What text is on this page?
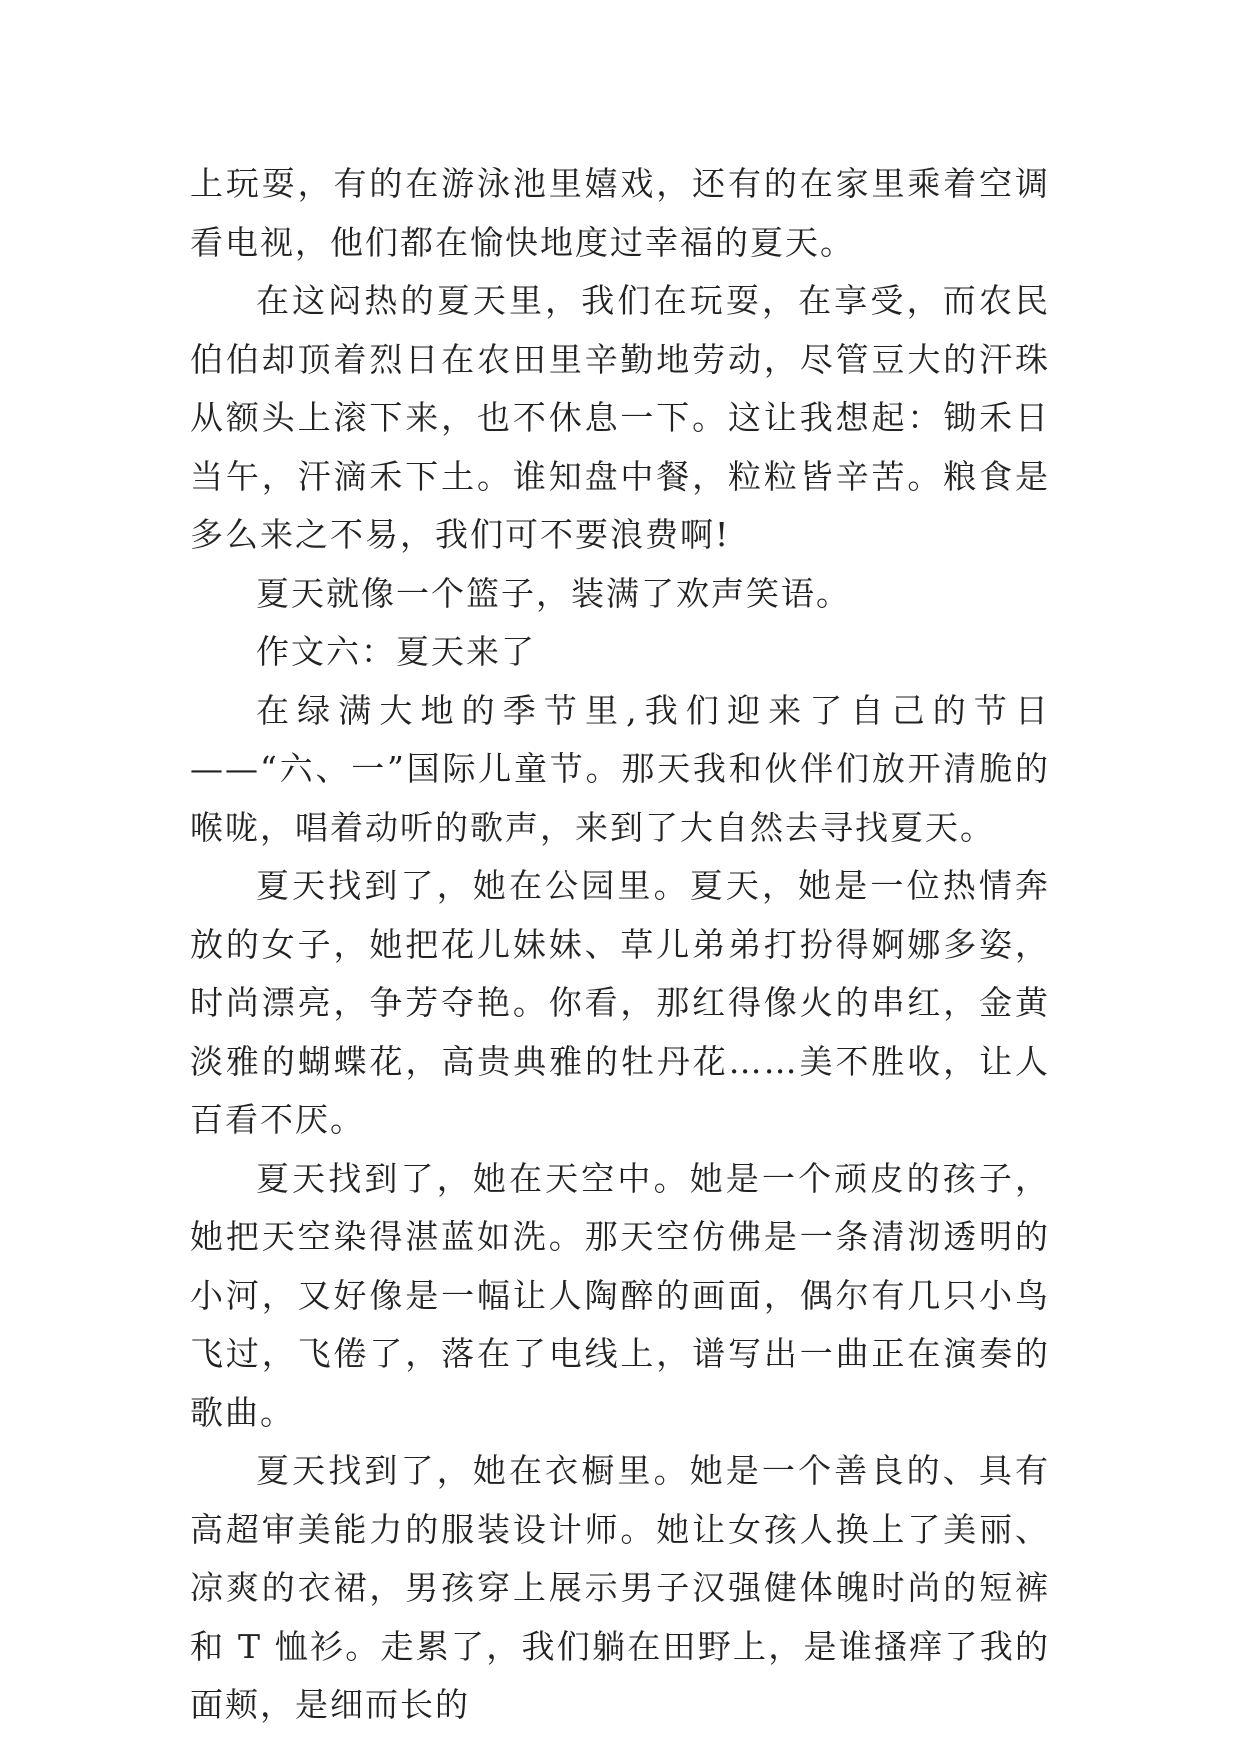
上玩耍，有的在游泳池里嬉戏，还有的在家里乘着空调看电视，他们都在愉快地度过幸福的夏天。

在这闷热的夏天里，我们在玩耍，在享受，而农民伯伯却顶着烈日在农田里辛勤地劳动，尽管豆大的汗珠从额头上滚下来，也不休息一下。这让我想起：锄禾日当午，汗滴禾下土。谁知盘中餐，粒粒皆辛苦。粮食是多么来之不易，我们可不要浪费啊!

夏天就像一个篮子，装满了欢声笑语。

作文六：夏天来了

在绿满大地的季节里,我们迎来了自己的节日——“六、一”国际儿童节。那天我和伙伴们放开清脆的喉咙，唱着动听的歌声，来到了大自然去寻找夏天。

夏天找到了，她在公园里。夏天，她是一位热情奔放的女子，她把花儿妹妹、草儿弟弟打扮得婀娜多姿，时尚漂亮，争芳夺艳。你看，那红得像火的串红，金黄淡雅的蝴蝶花，高贵典雅的牡丹花……美不胜收，让人百看不厌。

夏天找到了，她在天空中。她是一个顽皮的孩子，她把天空染得湛蓝如洗。那天空仿佛是一条清沏透明的小河，又好像是一幅让人陶醉的画面，偶尔有几只小鸟飞过，飞倦了，落在了电线上，谱写出一曲正在演奏的歌曲。

夏天找到了，她在衣橱里。她是一个善良的、具有高超审美能力的服装设计师。她让女孩人换上了美丽、凉爽的衣裙，男孩穿上展示男子汉强健体魄时尚的短裤和 T 恤衫。走累了，我们躺在田野上，是谁搔痒了我的面颊，是细而长的
